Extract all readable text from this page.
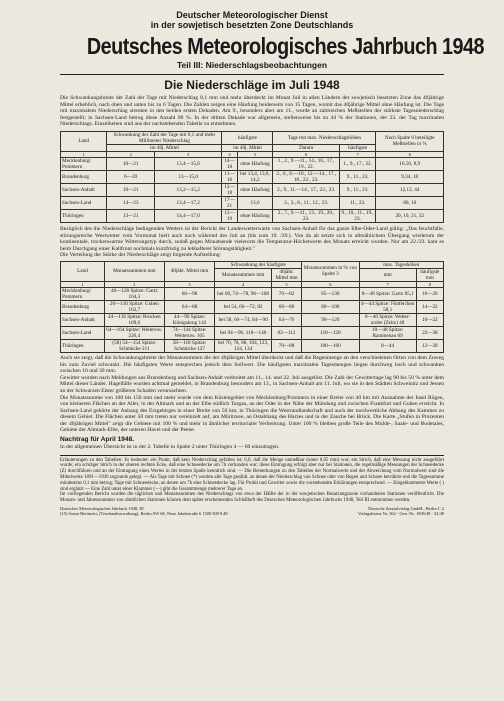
Deutscher Meteorologischer Dienst
in der sowjetisch besetzten Zone Deutschlands
Deutsches Meteorologisches Jahrbuch 1948
Teil III: Niederschlagsbeobachtungen
Die Niederschläge im Juli 1948

Die Schwankungsbreite der Zahl der Tage mit Niederschlag 0,1 mm und mehr überdeckt im Monat Juli in allen Ländern der sowjetisch besetzten Zone das 40jährige Mittel erheblich, nach oben und unten bis zu 6 Tagen. Die Zahlen zeigen eine Häufung beiderseits von 15 Tagen, womit das 40jährige Mittel ohne Häufung ist. Die Tage mit maximalem Niederschlag streuten in den beiden ersten Dekaden. Am 9., besonders aber am 11., wurde an zahlreichen Meßstellen der stärkste Tagesniederschlag festgestellt; in Sachsen-Land betrug diese Anzahl 80 %. In der dritten Dekade war allgemein, stellenweise bis zu 44 % der Stationen, der 23. der Tag maximalen Niederschlags. Einzelheiten sind aus der nachstehenden Tabelle zu entnehmen.

Land	Schwankung der Zahl der Tage mit 0,1 und mehr Millimeter Niederschlag		häufigste		Tage mit max. Niederschlagshöhen		Nach Spalte 6 beteiligte Meßstellen in %
	im 40j. Mittel		im 40j. Mittel		Datum	häufigste	
1	2	3	4	5	6	7	8
Mecklenburg/ Pommern	10—21	13,4—15,6	14—18	ohne Häufung	1., 2., 9.—11., 14., 16., 17., 19., 22.	1., 9., 17., 22.	16,50, 8,9
Brandenburg	6—20	13—15,0	11—16	bei 13,4, 13,8, 14,2	2., 6., 8.—10., 12.—14., 17., 18., 22., 23.	9., 11., 23.	9,34, 18
Sachsen-Anhalt	10—21	13,2—15,2	12—18	ohne Häufung	2., 9., 11.—14., 17., 22., 23.	9., 11., 23.	12,12, 44
Sachsen-Land	14—23	13,4—17,2	17—21	13,6	2., 3., 8., 11., 12., 23.	11., 23.	80, 10
Thüringen	13—21	14,4—17,0	13—19	ohne Häufung	2., 7., 9.—11., 13., 19., 20., 23.	9., 10., 11., 19., 23.	20, 10, 21, 32

Bezüglich des die Niederschläge bedingenden Wetters ist der Bericht der Landeswetterwarte von Sachsen-Anhalt für das ganze Elbe-Oder-Land gültig: „Das feuchtfalle, störungsreiche Westwetter vom Vormonat hielt auch noch während des Juli an (bis zum 19. /20.). Von da ab setzte sich in allmählichem Übergang wiederum der kontinentale, trockenwarme Witterungstyp durch, sodaß gegen Monatsende vielerorts die Temperatur-Höchstwerte des Monats erreicht wurden. Nur am 22./23. kam es beim Durchgang einer Kaltfront nochmals kurzfristig zu lebhafterer Störungstätigkeit."

Die Verteilung der Stärke der Niederschläge zeigt folgende Aufstellung:

Land	Monatssummen mm	40jähr. Mittel mm	Schwankung der häufigste		Monatssummen in % von Spalte 3	max. Tageshöhen	
			Monatssummen mm	40jähr. Mittel mm		mm	häufigste mm
1	2	3	4	5	6	7	8
Mecklenburg/ Pommern	40—128 Spitze: Gartz 164,3	60—98	bei 60, 74—78, 96—108	70—82	85—130	8—48 Spitze: Gartz 85,1	16—26
Brandenburg	20—110 Spitze: Guben 162,7	64—88	bei 54, 66—72, 82	68—80	80—100	4—44 Spitze: Fünfeichen 58,1	14—22
Sachsen-Anhalt	44—116 Spitze: Brocken 169,6	44—90 Spitze: Königskrug 142	bei 58, 66—74, 84—90	64—76	90—120	8—40 Spitze: Wetter-zrobe (Zeitz) 48	10—22
Sachsen-Land	64—164 Spitze: Weiterow. 226,4	74—144 Spitze: Weiterow. 165	bei 94—96, 118—140	82—112	110—120	10—48 Spitze: Rammenau 69	22—38
Thüringen	(58) 54—154 Spitze: Schmücke 211	58—118 Spitze: Schmücke 137	bei 70, 78, 88, 104, 123, 124, 134	70—88	100—160	8—44	12—28

Auch sie zeigt, daß die Schwankungsbreite der Monatssummen die der 40jährigen Mittel überdeckt und daß die Regenmenge an den verschiedenen Orten von dem Zuweg bis zum Zuviel schwankt. Die häufigsten Werte entsprechen jedoch dem Sollwert. Die häufigsten maximalen Tagesmengen liegen durchweg hoch und schwanken zwischen 10 und 30 mm.

Gewitter wurden nach Meldungen aus Brandenburg und Sachsen-Anhalt verbreitet am 11., 14. und 22. Juli ausgelöst. Die Zahl der Gewittertage lag 90 bis 50 % unter dem Mittel dieser Länder. Hagelfälle wurden achtmal gemeldet, in Brandenburg besonders am 13., in Sachsen-Anhalt am 11. Juli, wo sie in den Städten Schweinitz und Jessen an der Schwarzen Elster größeren Schaden verursachten.

Die Monatssumme von 100 bis 150 mm und mehr wurde von dem Küstengebiet von Mecklenburg/Pommern in einer Breite von 40 km mit Ausnahme der Insel Rügen, von kleineren Flächen an der Aller, in der Altmark und an der Elbe südlich Torgau, an der Oder in der Nähe der Mündung und zwischen Frankfurt und Guben erreicht. In Sachsen-Land gehörte der Anhang des Erzgebirges in einer Breite von 50 km, in Thüringen die Westrandlandschaft und auch der nordwestliche Abhang des Kammes zu diesem Gebiet. Die Flächen unter 50 mm treten nur vereinzelt auf, am Müritzsee, an Ostabhang des Harzes und in der Zauche bei Brück. Die Karte „Stufen in Prozenten der 40jährigen Mittel" zeigt die Gebiete mit 100 % und mehr in ähnlicher territorialer Verbreitung. Unter 100 % bleiben große Teile des Mulde-, Saale- und Bodetales, Gebiete der Altmark-Elbe, der unteren Havel und der Peene.

Nachtrag für April 1948.

In der allgemeinen Übersicht ist in der 2. Tabelle in Spalte 2 unter Thüringen 4 — 60 einzutragen.

Erläuterungen zu den Tabellen: Es bedeutet: ein Punkt, daß kein Niederschlag gefallen ist; 0,0, daß die Menge unmeßbar (unter 0,05 mm) war; ein Strich, daß eine Messung nicht ausgeführt wurde; ein schräger Strich in der oberen rechten Ecke, daß eine Schneedecke um 7h vorhanden war; diese Eintragung erfolgt aber nur bei Stationen, die regelmäßige Messungen der Schneedecke (Z) durchführen und an der Eintragung eines Wertes in der letzten Spalte kenntlich sind. — Die Bemerkungen zu den Tabellen der Normalwerte und der Abweichung vom Normalwert sind die Mittelwerte 1891—1930 zugrunde gelegt. — Als Tage mit Schnee (*) wurden alle Tage gezählt, an denen der Niederschlag von Schnee oder von Regen und Schnee herrührte und die Tagessumme mindestens 0,1 mm betrug; Tage mit Schneedecke, an denen um 7h eine Schneedecke lag. Für Probit und Gewitter sowie die vorstehenden Erklärungen entsprechend. — Eingeklammerte Werte ( ) sind ergänzt — Eine Zahl unter einer Klammer (—) gibt die Gesamtmenge mehrerer Tage an.

Im vorliegenden Bericht wurden die täglichen und Monatssummen des Niederschlags von etwa der Hälfte der in der sowjetischen Besatzungszone vorhandenen Stationen veröffentlicht. Die Monats- und Jahressummen von sämtlichen Stationen können dem später erscheinenden Schlußheft des Deutschen Meteorologischen Jahrbuchs 1948, Teil III entnommen werden.

Deutsches Meteorologisches Jahrbuch 1948, III.
(15) Anton Bertinetti, (Treuhandverwaltung), Berlin SW 68, Neue Jakobstraße 6 1500 500 8.48
Deutsche Zentralverlag GmbH., Berlin C 2
Verlagslizenz Nr. 362 - Gen.-Nr. 1006/48 - 32/48
